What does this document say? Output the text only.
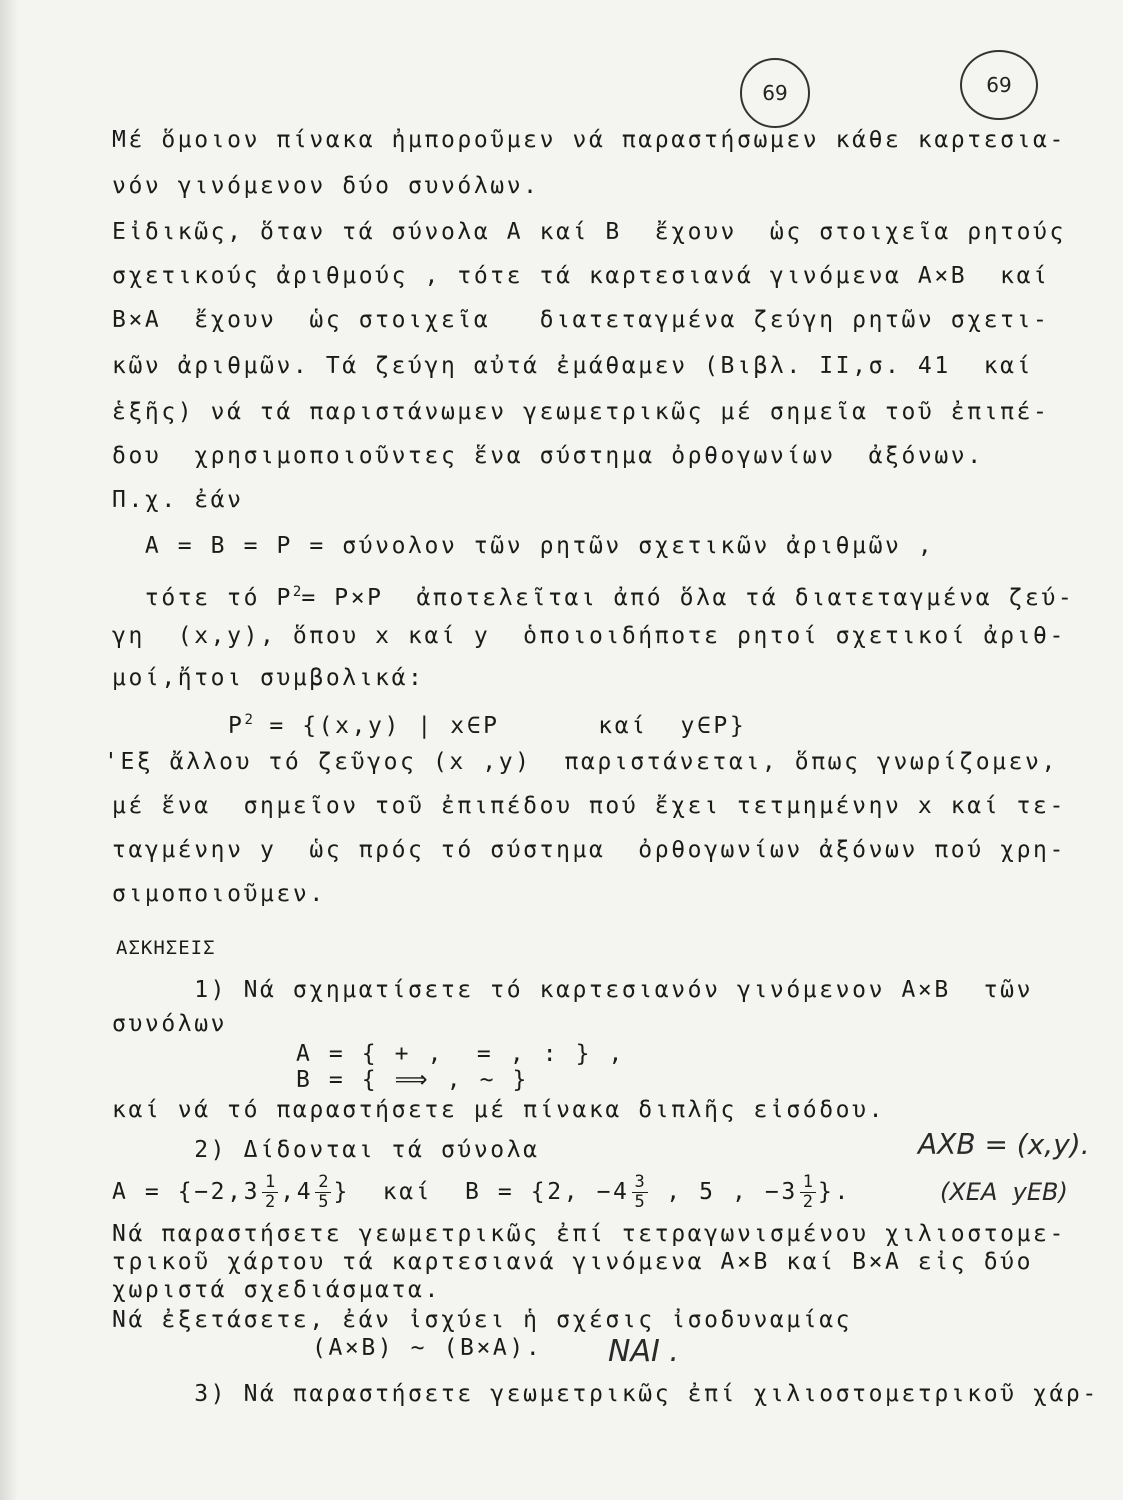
69	69
Μέ ὅμοιον πίνακα ἠμποροῦμεν νά παραστήσωμεν κάθε καρτεσια-
νόν γινόμενον δύο συνόλων.
Εἰδικῶς, ὅταν τά σύνολα Α καί Β  ἔχουν  ὡς στοιχεῖα ρητούς
σχετικούς ἀριθμούς , τότε τά καρτεσιανά γινόμενα Α×Β  καί
Β×Α  ἔχουν  ὡς στοιχεῖα   διατεταγμένα ζεύγη ρητῶν σχετι-
κῶν ἀριθμῶν. Τά ζεύγη αὐτά ἐμάθαμεν (Βιβλ. ΙΙ,σ. 41  καί
ἑξῆς) νά τά παριστάνωμεν γεωμετρικῶς μέ σημεῖα τοῦ ἐπιπέ-
δου  χρησιμοποιοῦντες ἕνα σύστημα ὀρθογωνίων  ἀξόνων.
Π.χ. ἐάν
Α = Β = Ρ = σύνολον τῶν ρητῶν σχετικῶν ἀριθμῶν ,
τότε τό $P^2= P\times P$  ἀποτελεῖται ἀπό ὅλα τά διατεταγμένα ζεύ-
γη  (x,y), ὅπου x καί y  ὁποιοιδήποτε ρητοί σχετικοί ἀριθ-
μοί,ἤτοι συμβολικά:
$P^2 = \{(x,y)$ | x∈Ρ      καί  y∈Ρ}
'Εξ ἄλλου τό ζεῦγος (x ,y)  παριστάνεται, ὅπως γνωρίζομεν,
μέ ἕνα  σημεῖον τοῦ ἐπιπέδου πού ἔχει τετμημένην x καί τε-
ταγμένην y  ὡς πρός τό σύστημα  ὀρθογωνίων ἀξόνων πού χρη-
σιμοποιοῦμεν.
ΑΣΚΗΣΕΙΣ
1) Νά σχηματίσετε τό καρτεσιανόν γινόμενον Α×Β  τῶν
συνόλων
Α = { + ,  = , : } ,
Β = { ⟹ , ∼ }
καί νά τό παραστήσετε μέ πίνακα διπλῆς εἰσόδου.
2) Δίδονται τά σύνολα
$A = \{-2,3 \frac{1}{2} ,4 \frac{2}{5}$ }  καί  Β = {2, $-4 \frac{3}{5}$ , 5 , $-3 \frac{1}{2}$ }.
Νά παραστήσετε γεωμετρικῶς ἐπί τετραγωνισμένου χιλιοστομε-
τρικοῦ χάρτου τά καρτεσιανά γινόμενα Α×Β καί Β×Α εἰς δύο
χωριστά σχεδιάσματα.
Νά ἐξετάσετε, ἐάν ἰσχύει ἡ σχέσις ἰσοδυναμίας
(Α×Β) ∼ (Β×Α).
3) Νά παραστήσετε γεωμετρικῶς ἐπί χιλιοστομετρικοῦ χάρ-
ΑΧΒ = (x,y).
(ΧΕΑ  yΕΒ)
ΝΑΙ .
